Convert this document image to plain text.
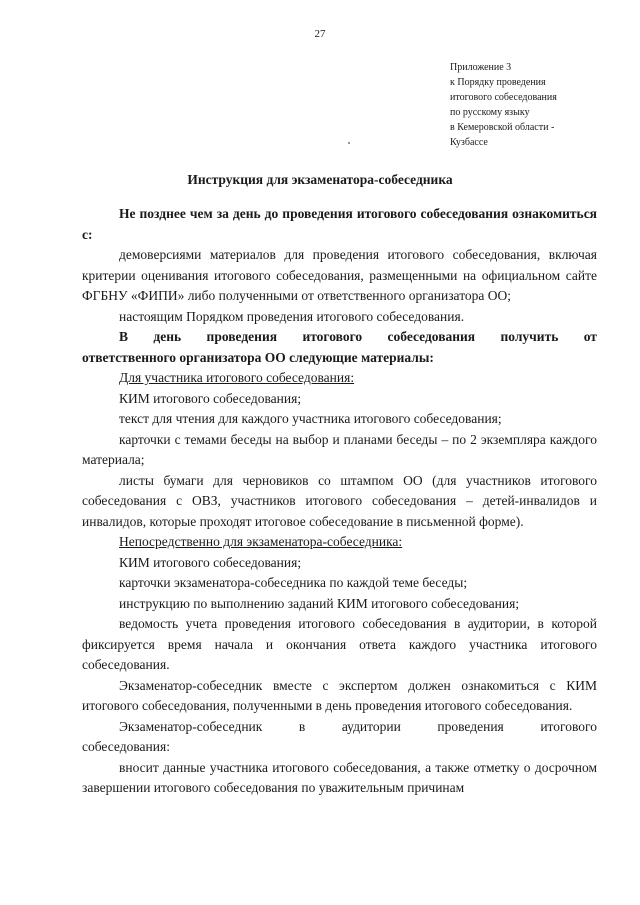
27
Приложение 3
к Порядку проведения
итогового собеседования
по русскому языку
в Кемеровской области -
Кузбассе
Инструкция для экзаменатора-собеседника

Не позднее чем за день до проведения итогового собеседования ознакомиться с:

демоверсиями материалов для проведения итогового собеседования, включая критерии оценивания итогового собеседования, размещенными на официальном сайте ФГБНУ «ФИПИ» либо полученными от ответственного организатора ОО;

настоящим Порядком проведения итогового собеседования.

В день проведения итогового собеседования получить от

ответственного организатора ОО следующие материалы:

Для участника итогового собеседования:

КИМ итогового собеседования;

текст для чтения для каждого участника итогового собеседования;

карточки с темами беседы на выбор и планами беседы – по 2 экземпляра каждого материала;

листы бумаги для черновиков со штампом ОО (для участников итогового собеседования с ОВЗ, участников итогового собеседования – детей-инвалидов и инвалидов, которые проходят итоговое собеседование в письменной форме).

Непосредственно для экзаменатора-собеседника:

КИМ итогового собеседования;

карточки экзаменатора-собеседника по каждой теме беседы;

инструкцию по выполнению заданий КИМ итогового собеседования;

ведомость учета проведения итогового собеседования в аудитории, в которой фиксируется время начала и окончания ответа каждого участника итогового собеседования.

Экзаменатор-собеседник вместе с экспертом должен ознакомиться с КИМ итогового собеседования, полученными в день проведения итогового собеседования.

Экзаменатор-собеседник	в	аудитории	проведения	итогового

собеседования:

вносит данные участника итогового собеседования, а также отметку о досрочном завершении итогового собеседования по уважительным причинам
